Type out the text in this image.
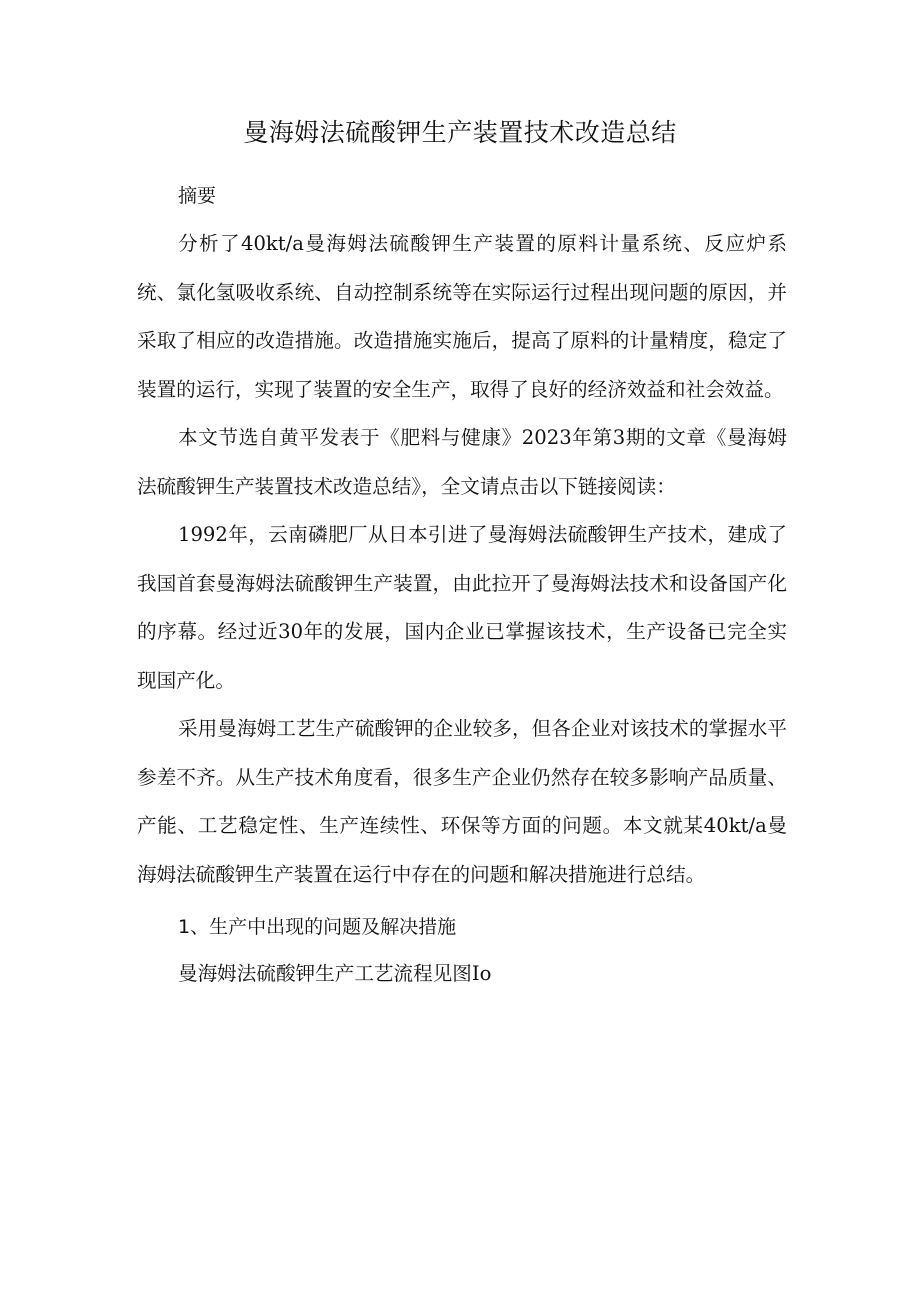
曼海姆法硫酸钾生产装置技术改造总结
摘要

分析了40kt/a曼海姆法硫酸钾生产装置的原料计量系统、反应炉系统、氯化氢吸收系统、自动控制系统等在实际运行过程出现问题的原因，并采取了相应的改造措施。改造措施实施后，提高了原料的计量精度，稳定了装置的运行，实现了装置的安全生产，取得了良好的经济效益和社会效益。

本文节选自黄平发表于《肥料与健康》2023年第3期的文章《曼海姆法硫酸钾生产装置技术改造总结》，全文请点击以下链接阅读：

1992年，云南磷肥厂从日本引进了曼海姆法硫酸钾生产技术，建成了我国首套曼海姆法硫酸钾生产装置，由此拉开了曼海姆法技术和设备国产化的序幕。经过近30年的发展，国内企业已掌握该技术，生产设备已完全实现国产化。

采用曼海姆工艺生产硫酸钾的企业较多，但各企业对该技术的掌握水平参差不齐。从生产技术角度看，很多生产企业仍然存在较多影响产品质量、产能、工艺稳定性、生产连续性、环保等方面的问题。本文就某40kt/a曼海姆法硫酸钾生产装置在运行中存在的问题和解决措施进行总结。

1、生产中出现的问题及解决措施

曼海姆法硫酸钾生产工艺流程见图Io
